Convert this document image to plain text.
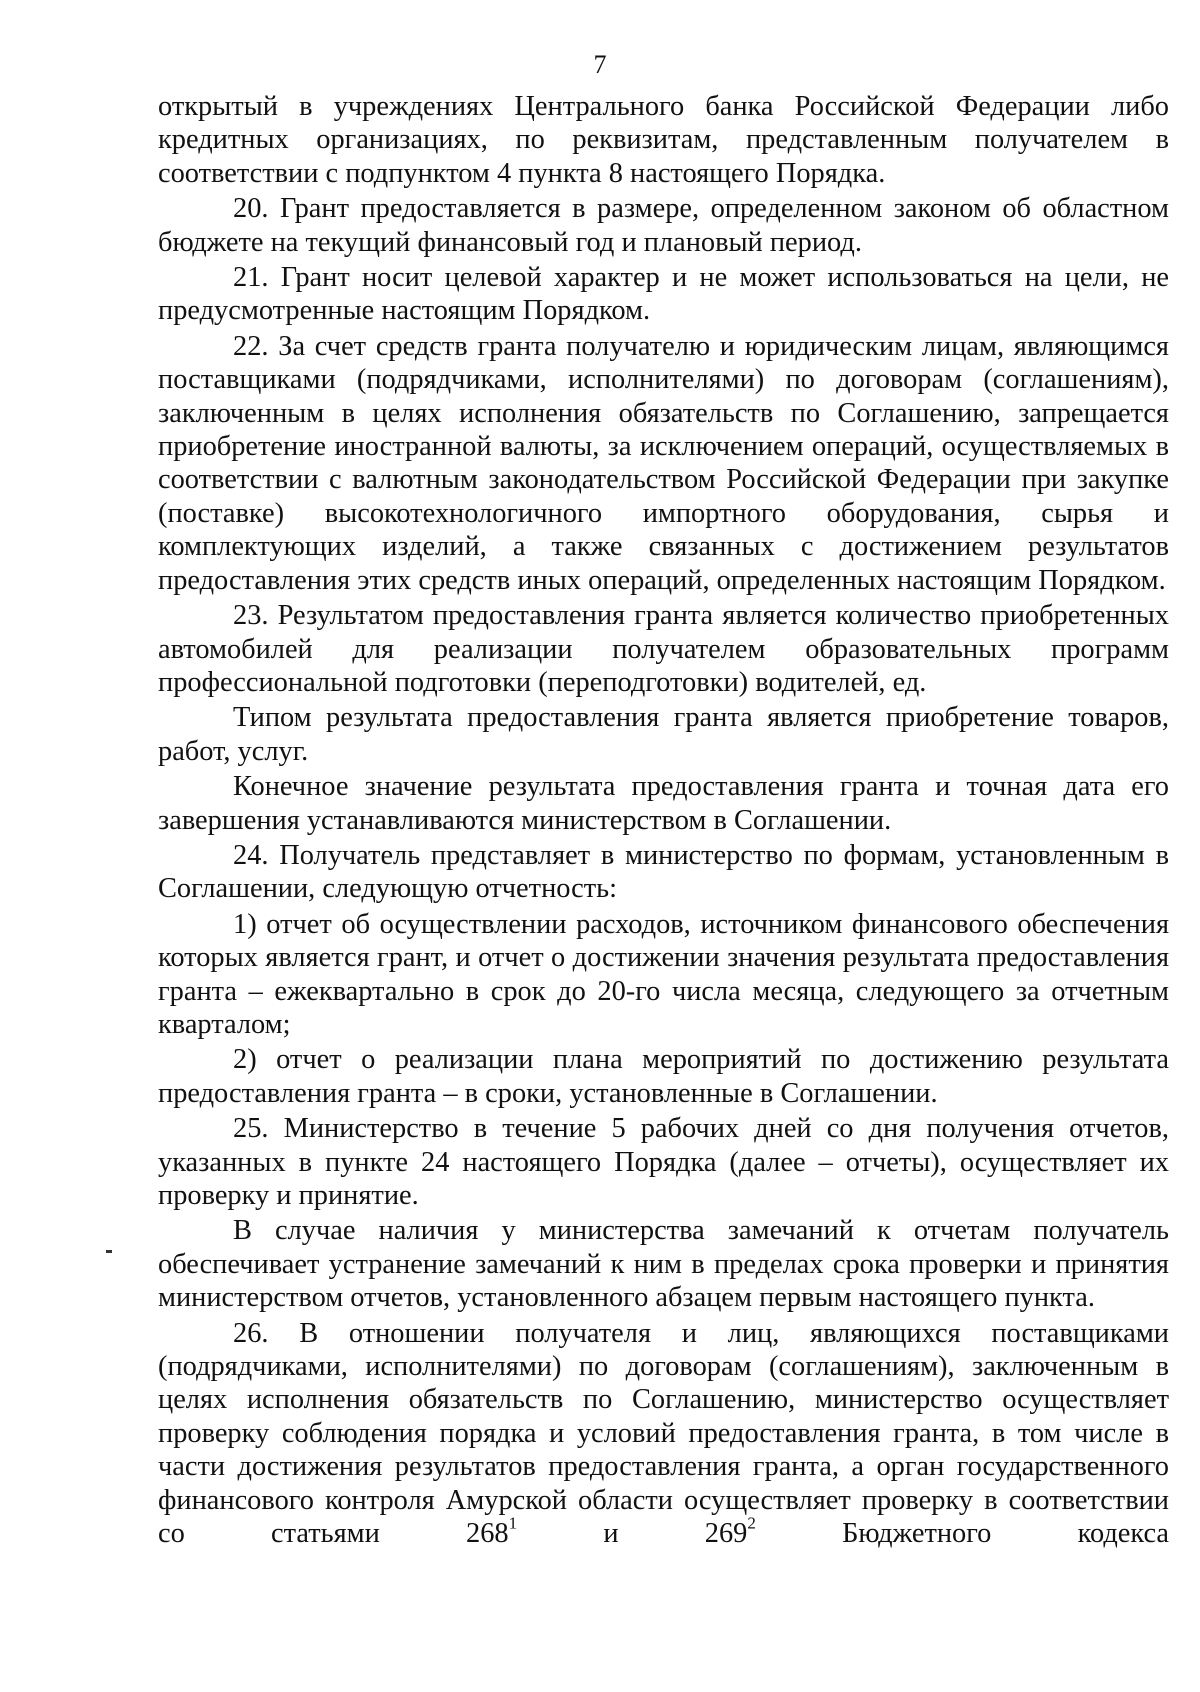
7

открытый в учреждениях Центрального банка Российской Федерации либо кредитных организациях, по реквизитам, представленным получателем в соответствии с подпунктом 4 пункта 8 настоящего Порядка.

20. Грант предоставляется в размере, определенном законом об областном бюджете на текущий финансовый год и плановый период.

21. Грант носит целевой характер и не может использоваться на цели, не предусмотренные настоящим Порядком.

22. За счет средств гранта получателю и юридическим лицам, являющимся поставщиками (подрядчиками, исполнителями) по договорам (соглашениям), заключенным в целях исполнения обязательств по Соглашению, запрещается приобретение иностранной валюты, за исключением операций, осуществляемых в соответствии с валютным законодательством Российской Федерации при закупке (поставке) высокотехнологичного импортного оборудования, сырья и комплектующих изделий, а также связанных с достижением результатов предоставления этих средств иных операций, определенных настоящим Порядком.

23. Результатом предоставления гранта является количество приобретенных автомобилей для реализации получателем образовательных программ профессиональной подготовки (переподготовки) водителей, ед.

Типом результата предоставления гранта является приобретение товаров, работ, услуг.

Конечное значение результата предоставления гранта и точная дата его завершения устанавливаются министерством в Соглашении.

24. Получатель представляет в министерство по формам, установленным в Соглашении, следующую отчетность:

1) отчет об осуществлении расходов, источником финансового обеспечения которых является грант, и отчет о достижении значения результата предоставления гранта – ежеквартально в срок до 20-го числа месяца, следующего за отчетным кварталом;

2) отчет о реализации плана мероприятий по достижению результата предоставления гранта – в сроки, установленные в Соглашении.

25. Министерство в течение 5 рабочих дней со дня получения отчетов, указанных в пункте 24 настоящего Порядка (далее – отчеты), осуществляет их проверку и принятие.

В случае наличия у министерства замечаний к отчетам получатель обеспечивает устранение замечаний к ним в пределах срока проверки и принятия министерством отчетов, установленного абзацем первым настоящего пункта.

26. В отношении получателя и лиц, являющихся поставщиками (подрядчиками, исполнителями) по договорам (соглашениям), заключенным в целях исполнения обязательств по Соглашению, министерство осуществляет проверку соблюдения порядка и условий предоставления гранта, в том числе в части достижения результатов предоставления гранта, а орган государственного финансового контроля Амурской области осуществляет проверку в соответствии со статьями $268^1$ и $269^2$ Бюджетного кодекса
